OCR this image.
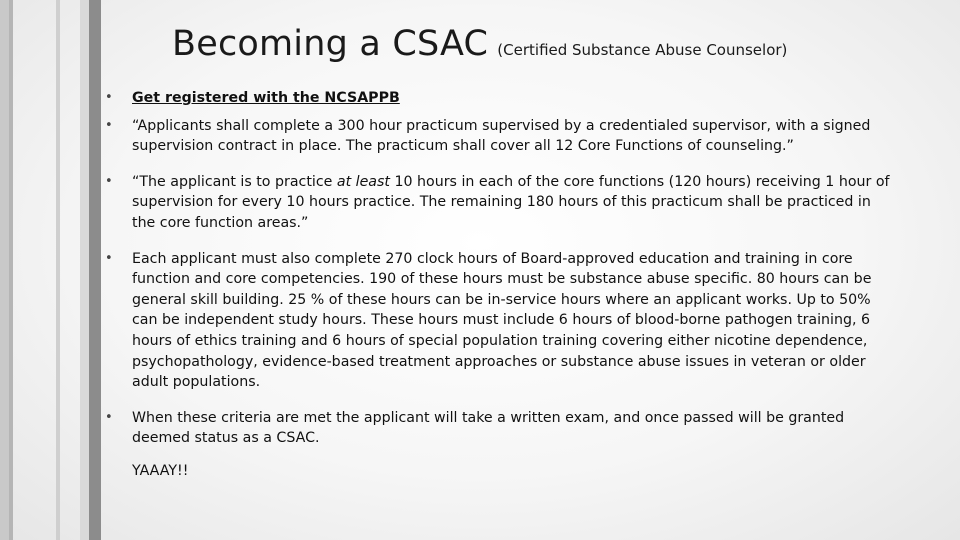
Becoming a CSAC (Certified Substance Abuse Counselor)
• Get registered with the NCSAPPB
• “Applicants shall complete a 300 hour practicum supervised by a credentialed supervisor, with a signed supervision contract in place. The practicum shall cover all 12 Core Functions of counseling.”
• “The applicant is to practice at least 10 hours in each of the core functions (120 hours) receiving 1 hour of supervision for every 10 hours practice. The remaining 180 hours of this practicum shall be practiced in the core function areas.”
• Each applicant must also complete 270 clock hours of Board-approved education and training in core function and core competencies. 190 of these hours must be substance abuse specific. 80 hours can be general skill building. 25 % of these hours can be in-service hours where an applicant works. Up to 50% can be independent study hours. These hours must include 6 hours of blood-borne pathogen training, 6 hours of ethics training and 6 hours of special population training covering either nicotine dependence, psychopathology, evidence-based treatment approaches or substance abuse issues in veteran or older adult populations.
• When these criteria are met the applicant will take a written exam, and once passed will be granted deemed status as a CSAC.
YAAAY!!
